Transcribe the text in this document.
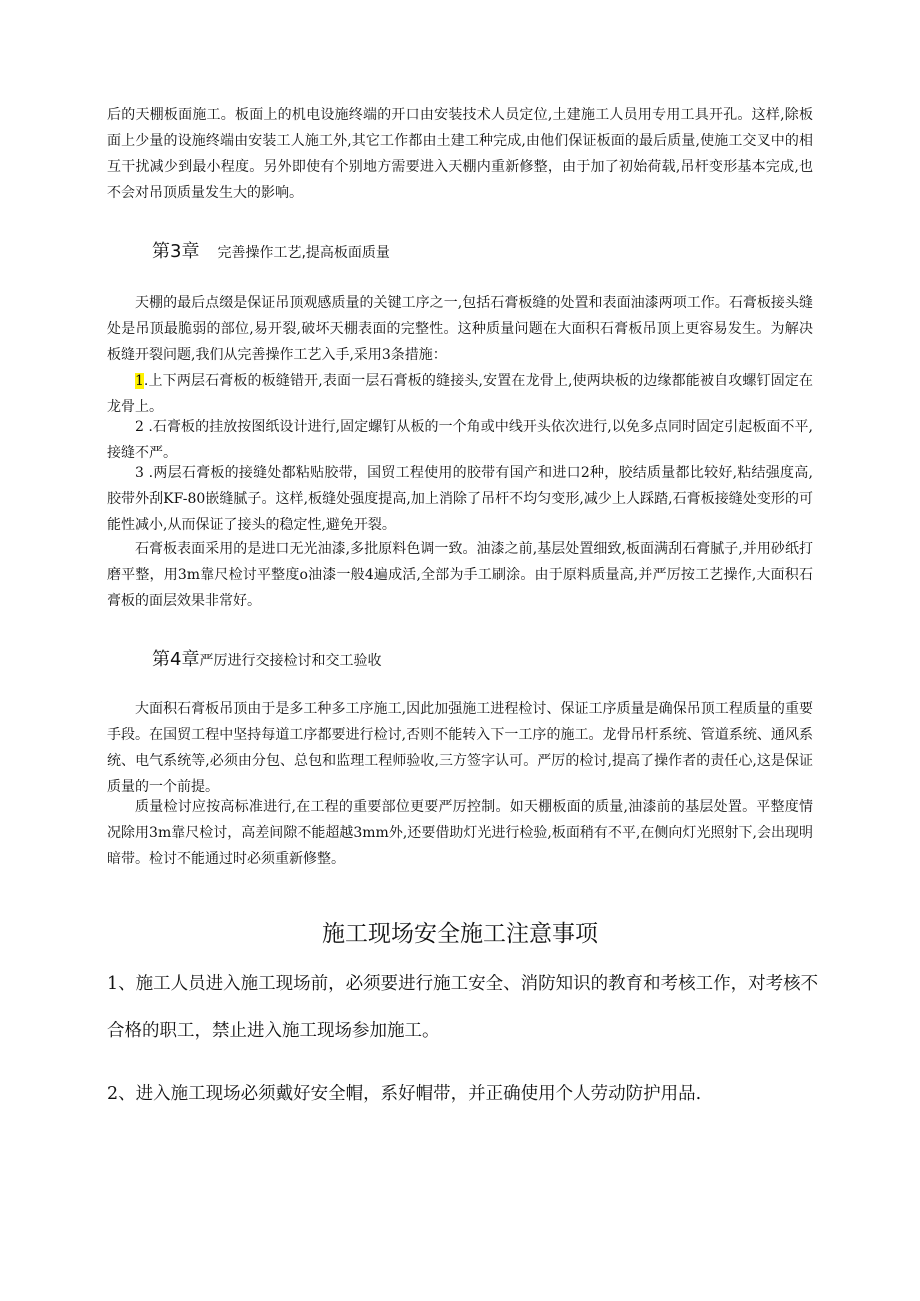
后的天棚板面施工。板面上的机电设施终端的开口由安装技术人员定位,土建施工人员用专用工具开孔。这样,除板面上少量的设施终端由安装工人施工外,其它工作都由土建工种完成,由他们保证板面的最后质量,使施工交叉中的相互干扰减少到最小程度。另外即使有个别地方需要进入天棚内重新修整，由于加了初始荷载,吊杆变形基本完成,也不会对吊顶质量发生大的影响。

第3章 完善操作工艺,提高板面质量

天棚的最后点缀是保证吊顶观感质量的关键工序之一,包括石膏板缝的处置和表面油漆两项工作。石膏板接头缝处是吊顶最脆弱的部位,易开裂,破坏天棚表面的完整性。这种质量问题在大面积石膏板吊顶上更容易发生。为解决板缝开裂问题,我们从完善操作工艺入手,采用3条措施：

1.上下两层石膏板的板缝错开,表面一层石膏板的缝接头,安置在龙骨上,使两块板的边缘都能被自攻螺钉固定在龙骨上。

2 .石膏板的挂放按图纸设计进行,固定螺钉从板的一个角或中线开头依次进行,以免多点同时固定引起板面不平,接缝不严。

3 .两层石膏板的接缝处都粘贴胶带，国贸工程使用的胶带有国产和进口2种，胶结质量都比较好,粘结强度高,胶带外刮KF-80嵌缝腻子。这样,板缝处强度提高,加上消除了吊杆不均匀变形,减少上人踩踏,石膏板接缝处变形的可能性减小,从而保证了接头的稳定性,避免开裂。

石膏板表面采用的是进口无光油漆,多批原料色调一致。油漆之前,基层处置细致,板面满刮石膏腻子,并用砂纸打磨平整，用3m靠尺检讨平整度o油漆一般4遍成活,全部为手工刷涂。由于原料质量高,并严厉按工艺操作,大面积石膏板的面层效果非常好。

第4章严厉进行交接检讨和交工验收

大面积石膏板吊顶由于是多工种多工序施工,因此加强施工进程检讨、保证工序质量是确保吊顶工程质量的重要手段。在国贸工程中坚持每道工序都要进行检讨,否则不能转入下一工序的施工。龙骨吊杆系统、管道系统、通风系统、电气系统等,必须由分包、总包和监理工程师验收,三方签字认可。严厉的检讨,提高了操作者的责任心,这是保证质量的一个前提。

质量检讨应按高标准进行,在工程的重要部位更要严厉控制。如天棚板面的质量,油漆前的基层处置。平整度情况除用3m靠尺检讨，高差间隙不能超越3mm外,还要借助灯光进行检验,板面稍有不平,在侧向灯光照射下,会出现明暗带。检讨不能通过时必须重新修整。

施工现场安全施工注意事项

1、施工人员进入施工现场前，必须要进行施工安全、消防知识的教育和考核工作，对考核不合格的职工，禁止进入施工现场参加施工。

2、进入施工现场必须戴好安全帽，系好帽带，并正确使用个人劳动防护用品.
